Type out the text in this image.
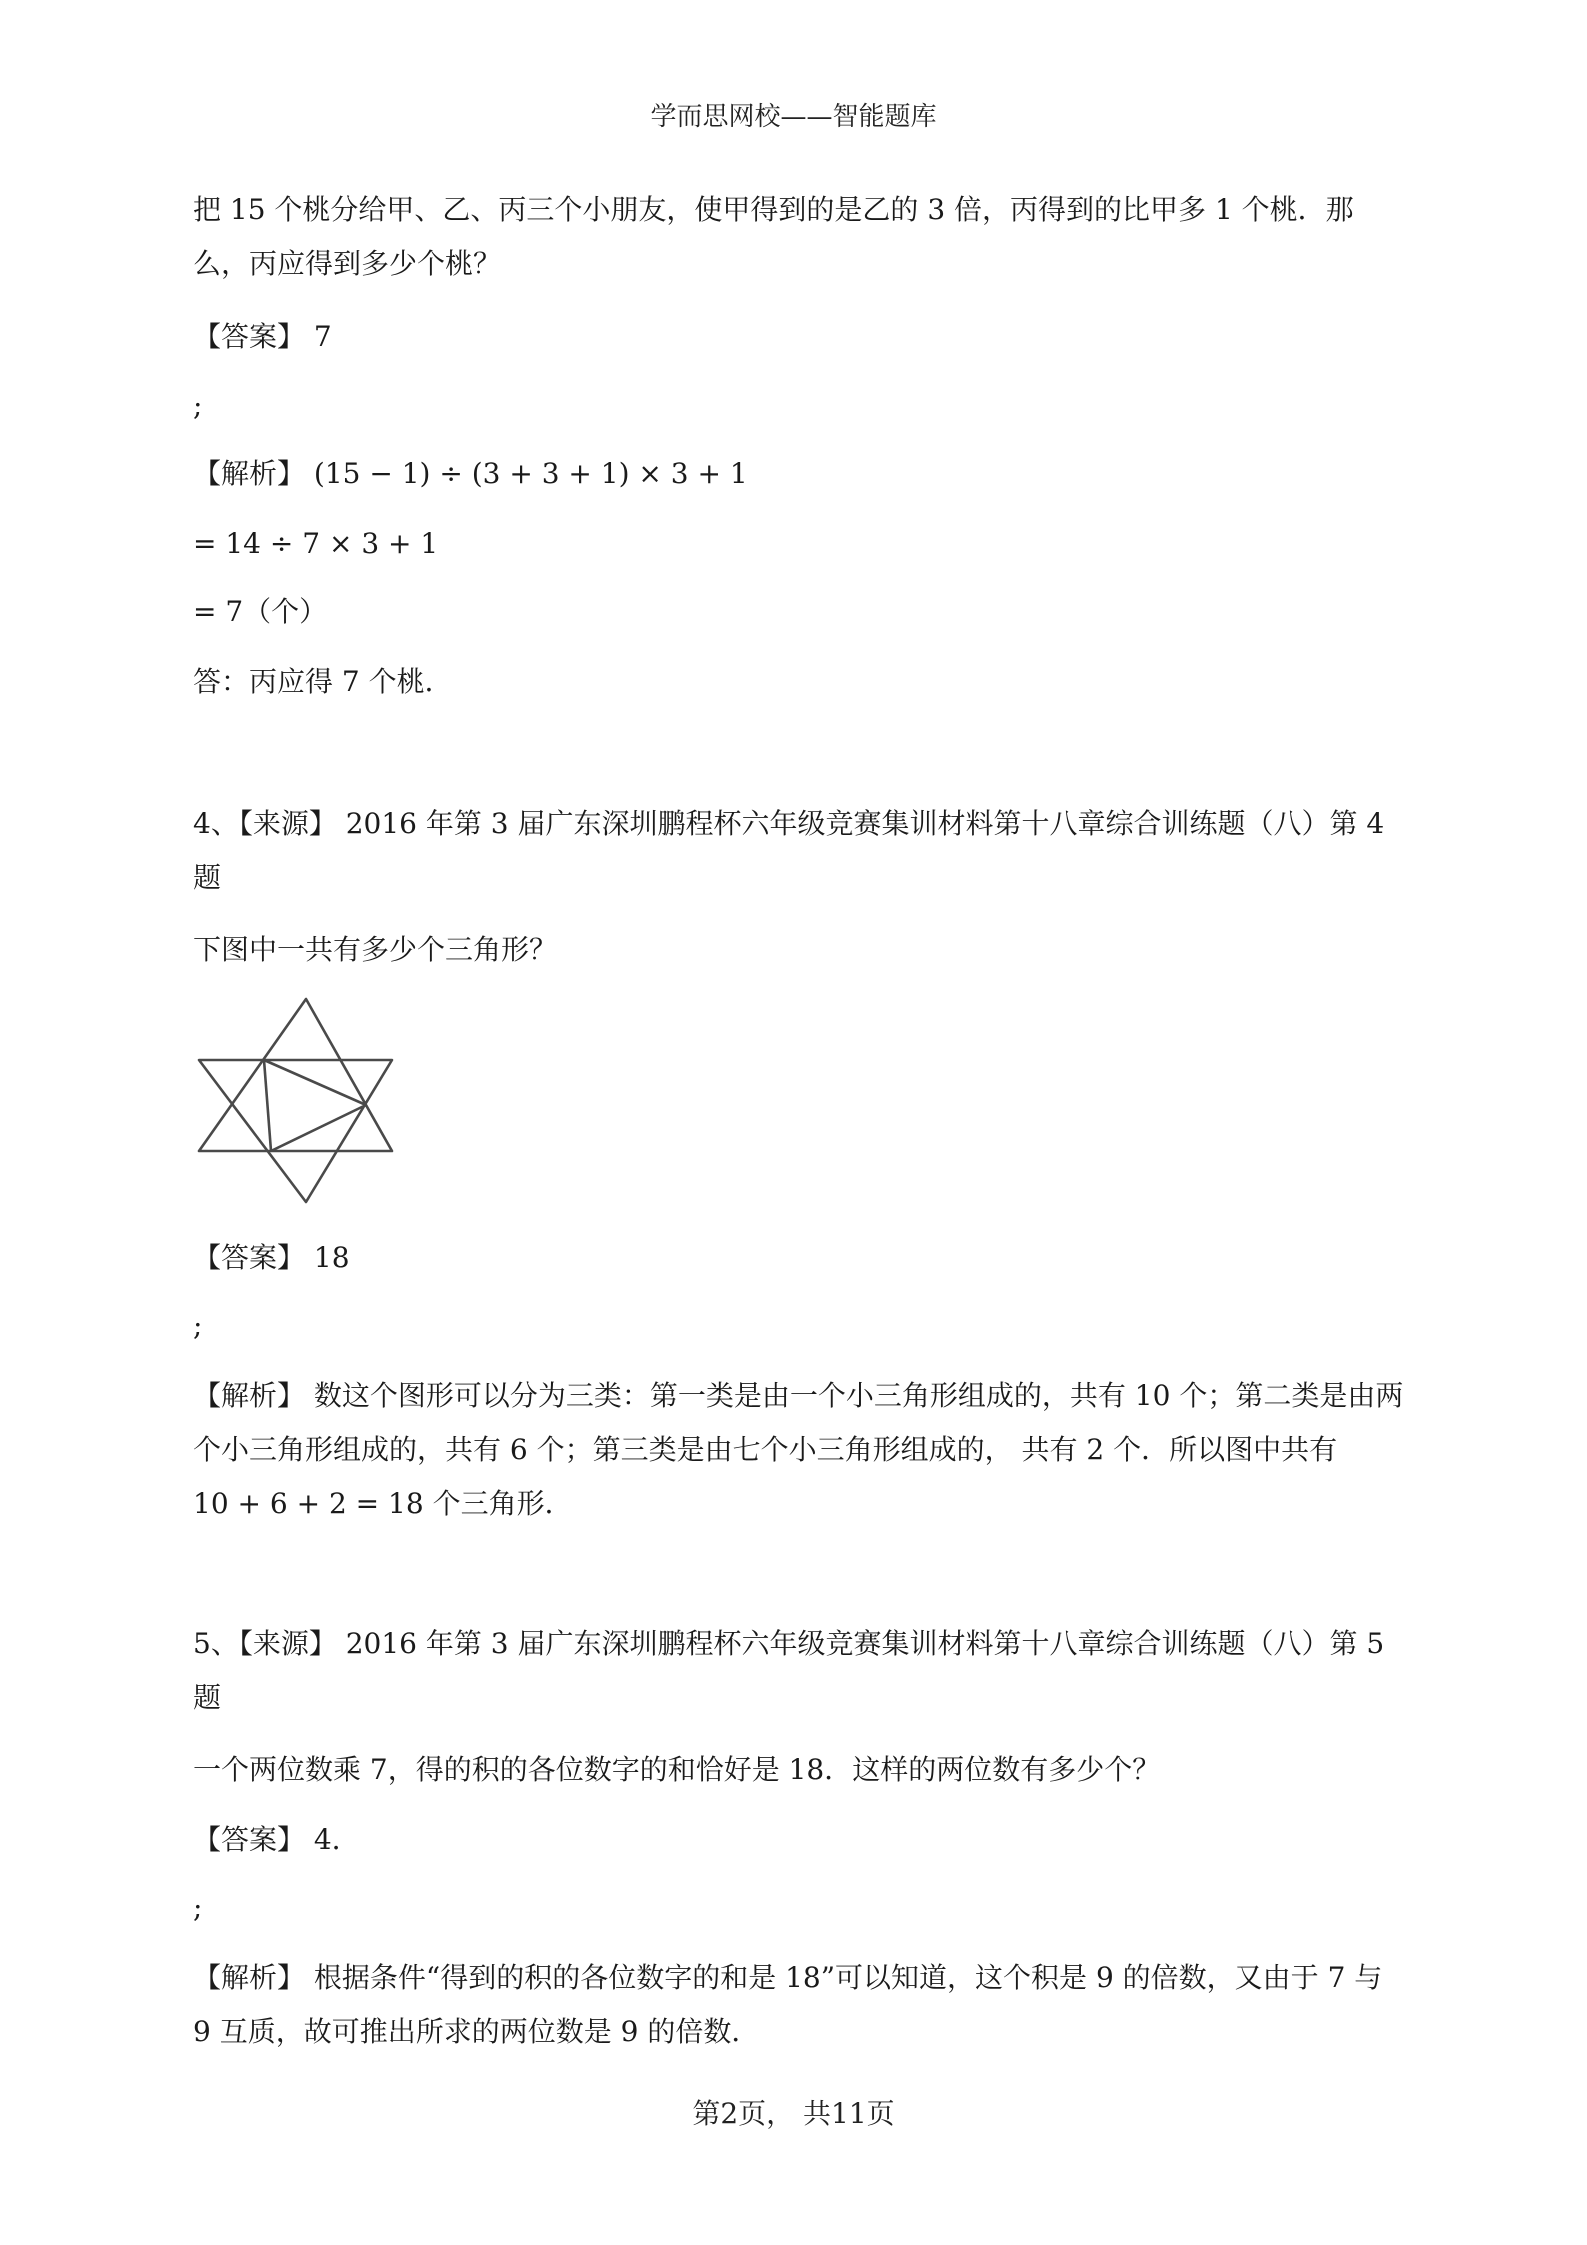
学而思网校——智能题库
把 15 个桃分给甲、乙、丙三个小朋友，使甲得到的是乙的 3 倍，丙得到的比甲多 1 个桃．那
么，丙应得到多少个桃？
【答案】 7
;
【解析】 (15 − 1) ÷ (3 + 3 + 1) × 3 + 1
= 14 ÷ 7 × 3 + 1
= 7（个）
答：丙应得 7 个桃．
4、【来源】 2016 年第 3 届广东深圳鹏程杯六年级竞赛集训材料第十八章综合训练题（八）第 4
题
下图中一共有多少个三角形？
【答案】 18
;
【解析】 数这个图形可以分为三类：第一类是由一个小三角形组成的，共有 10 个；第二类是由两
个小三角形组成的，共有 6 个；第三类是由七个小三角形组成的， 共有 2 个．所以图中共有
10 + 6 + 2 = 18 个三角形．
5、【来源】 2016 年第 3 届广东深圳鹏程杯六年级竞赛集训材料第十八章综合训练题（八）第 5
题
一个两位数乘 7，得的积的各位数字的和恰好是 18．这样的两位数有多少个？
【答案】 4．
;
【解析】 根据条件“得到的积的各位数字的和是 18”可以知道，这个积是 9 的倍数，又由于 7 与
9 互质，故可推出所求的两位数是 9 的倍数．
第2页， 共11页
